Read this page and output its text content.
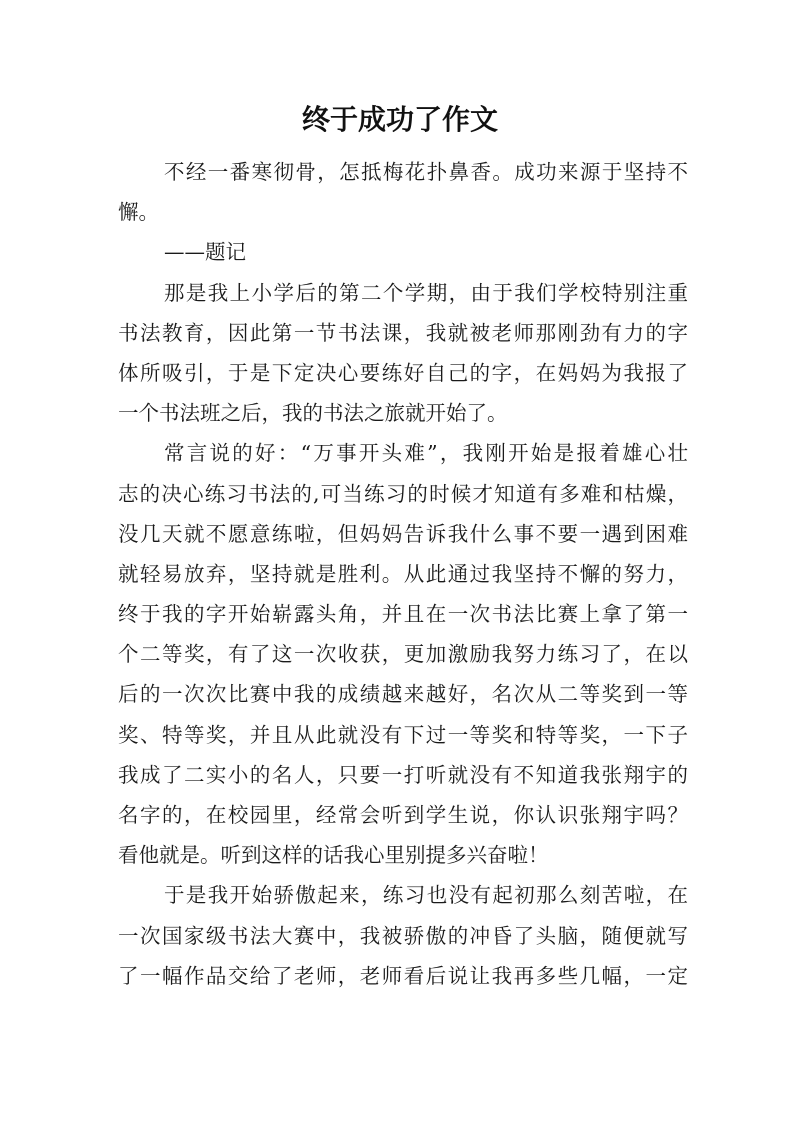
终于成功了作文
不经一番寒彻骨，怎抵梅花扑鼻香。成功来源于坚持不
懈。
——题记
那是我上小学后的第二个学期，由于我们学校特别注重
书法教育，因此第一节书法课，我就被老师那刚劲有力的字
体所吸引，于是下定决心要练好自己的字，在妈妈为我报了
一个书法班之后，我的书法之旅就开始了。
常言说的好：“万事开头难”，我刚开始是报着雄心壮
志的决心练习书法的,可当练习的时候才知道有多难和枯燥，
没几天就不愿意练啦，但妈妈告诉我什么事不要一遇到困难
就轻易放弃，坚持就是胜利。从此通过我坚持不懈的努力，
终于我的字开始崭露头角，并且在一次书法比赛上拿了第一
个二等奖，有了这一次收获，更加激励我努力练习了，在以
后的一次次比赛中我的成绩越来越好，名次从二等奖到一等
奖、特等奖，并且从此就没有下过一等奖和特等奖，一下子
我成了二实小的名人，只要一打听就没有不知道我张翔宇的
名字的，在校园里，经常会听到学生说，你认识张翔宇吗？
看他就是。听到这样的话我心里别提多兴奋啦！
于是我开始骄傲起来，练习也没有起初那么刻苦啦，在
一次国家级书法大赛中，我被骄傲的冲昏了头脑，随便就写
了一幅作品交给了老师，老师看后说让我再多些几幅，一定
